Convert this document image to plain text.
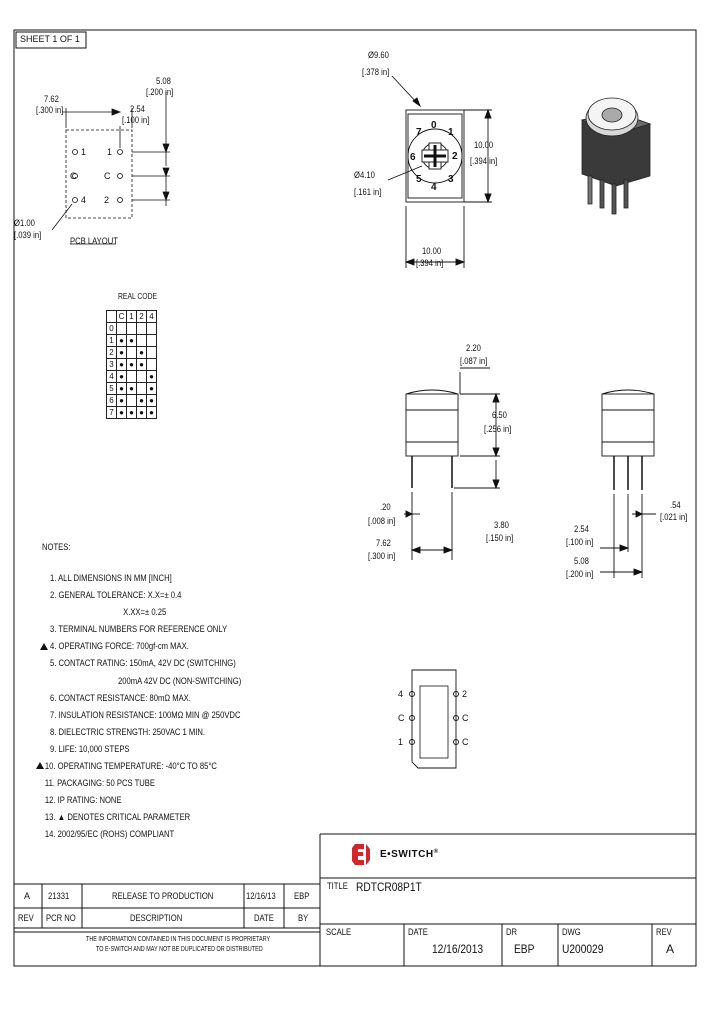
0
1
2
3
4
5
6
7
SHEET 1 OF 1
7.62
[.300 in]
5.08
[.200 in]
2.54
[.100 in]
Ø1.00
[.039 in]
1
C
4
1
C
2
PCB LAYOUT
Ø9.60
[.378 in]
Ø4.10
[.161 in]
10.00
[.394 in]
10.00
[.394 in]
REAL CODE
	C	1	2	4
0				
1	●	●		
2	●		●	
3	●	●	●	
4	●			●
5	●	●		●
6	●		●	●
7	●	●	●	●
2.20
[.087 in]
6.50
[.256 in]
.20
[.008 in]
7.62
[.300 in]
3.80
[.150 in]
.54
[.021 in]
2.54
[.100 in]
5.08
[.200 in]
NOTES:
1. ALL DIMENSIONS IN MM [INCH]
2. GENERAL TOLERANCE: X.X=± 0.4
X.XX=± 0.25
3. TERMINAL NUMBERS FOR REFERENCE ONLY
4. OPERATING FORCE: 700gf-cm MAX.
5. CONTACT RATING: 150mA, 42V DC (SWITCHING)
200mA 42V DC (NON-SWITCHING)
6. CONTACT RESISTANCE: 80mΩ MAX.
7. INSULATION RESISTANCE: 100MΩ MIN @ 250VDC
8. DIELECTRIC STRENGTH: 250VAC 1 MIN.
9. LIFE: 10,000 STEPS
10. OPERATING TEMPERATURE: -40°C TO 85°C
11. PACKAGING: 50 PCS TUBE
12. IP RATING: NONE
13. ▲ DENOTES CRITICAL PARAMETER
14. 2002/95/EC (ROHS) COMPLIANT
4
C
1
2
C
C
A 21331	RELEASE TO PRODUCTION	12/16/13 EBP
REV PCR NO	DESCRIPTION	DATE	BY
THE INFORMATION CONTAINED IN THIS DOCUMENT IS PROPRIETARY
TO E-SWITCH AND MAY NOT BE DUPLICATED OR DISTRIBUTED
E•SWITCH®
TITLE RDTCR08P1T
SCALE	DATE
12/16/2013
DR
EBP
DWG
U200029
REV
A
